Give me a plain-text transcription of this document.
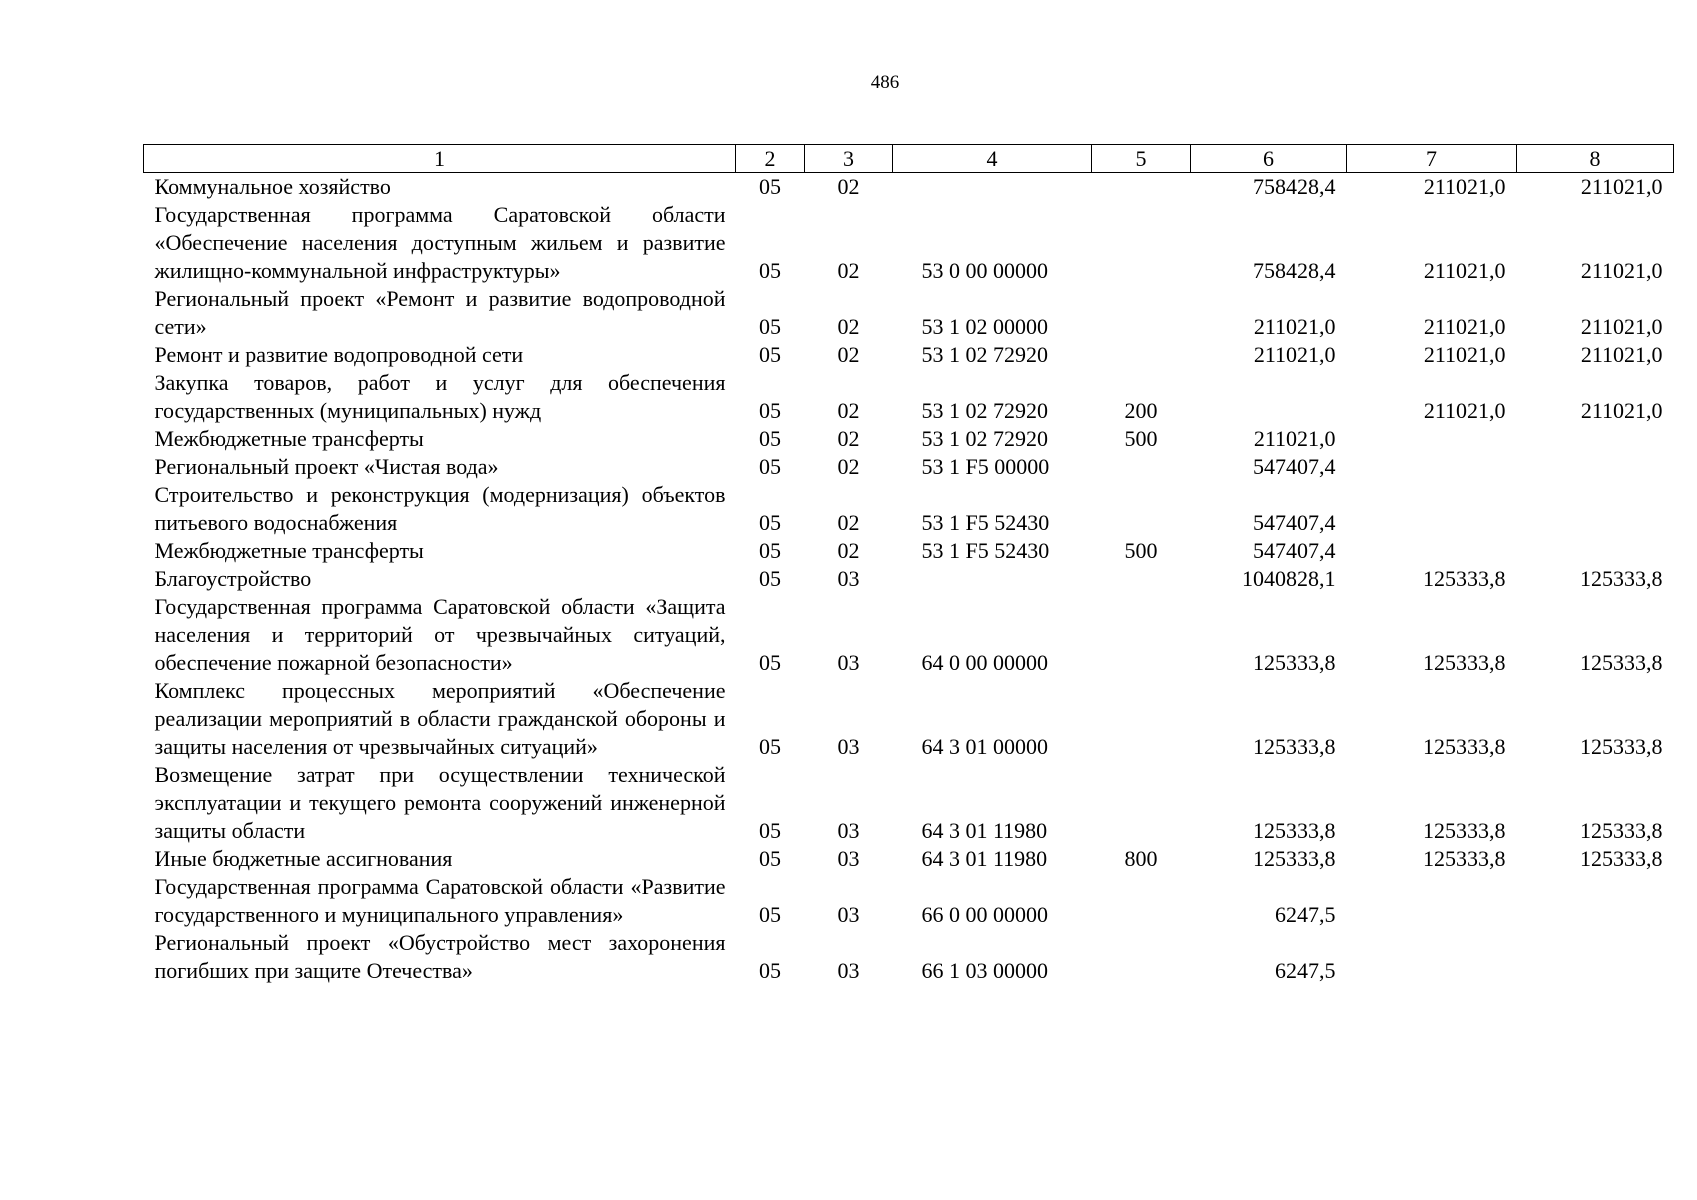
486
1	2	3	4	5	6	7	8
Коммунальное хозяйство	05	02			758428,4	211021,0	211021,0
Государственная программа Саратовской области «Обеспечение населения доступным жильем и развитие жилищно-коммунальной инфраструктуры»	05	02	53 0 00 00000		758428,4	211021,0	211021,0
Региональный проект «Ремонт и развитие водопроводной сети»	05	02	53 1 02 00000		211021,0	211021,0	211021,0
Ремонт и развитие водопроводной сети	05	02	53 1 02 72920		211021,0	211021,0	211021,0
Закупка товаров, работ и услуг для обеспечения государственных (муниципальных) нужд	05	02	53 1 02 72920	200		211021,0	211021,0
Межбюджетные трансферты	05	02	53 1 02 72920	500	211021,0		
Региональный проект «Чистая вода»	05	02	53 1 F5 00000		547407,4		
Строительство и реконструкция (модернизация) объектов питьевого водоснабжения	05	02	53 1 F5 52430		547407,4		
Межбюджетные трансферты	05	02	53 1 F5 52430	500	547407,4		
Благоустройство	05	03			1040828,1	125333,8	125333,8
Государственная программа Саратовской области «Защита населения и территорий от чрезвычайных ситуаций, обеспечение пожарной безопасности»	05	03	64 0 00 00000		125333,8	125333,8	125333,8
Комплекс процессных мероприятий «Обеспечение реализации мероприятий в области гражданской обороны и защиты населения от чрезвычайных ситуаций»	05	03	64 3 01 00000		125333,8	125333,8	125333,8
Возмещение затрат при осуществлении технической эксплуатации и текущего ремонта сооружений инженерной защиты области	05	03	64 3 01 11980		125333,8	125333,8	125333,8
Иные бюджетные ассигнования	05	03	64 3 01 11980	800	125333,8	125333,8	125333,8
Государственная программа Саратовской области «Развитие государственного и муниципального управления»	05	03	66 0 00 00000		6247,5		
Региональный проект «Обустройство мест захоронения погибших при защите Отечества»	05	03	66 1 03 00000		6247,5		
